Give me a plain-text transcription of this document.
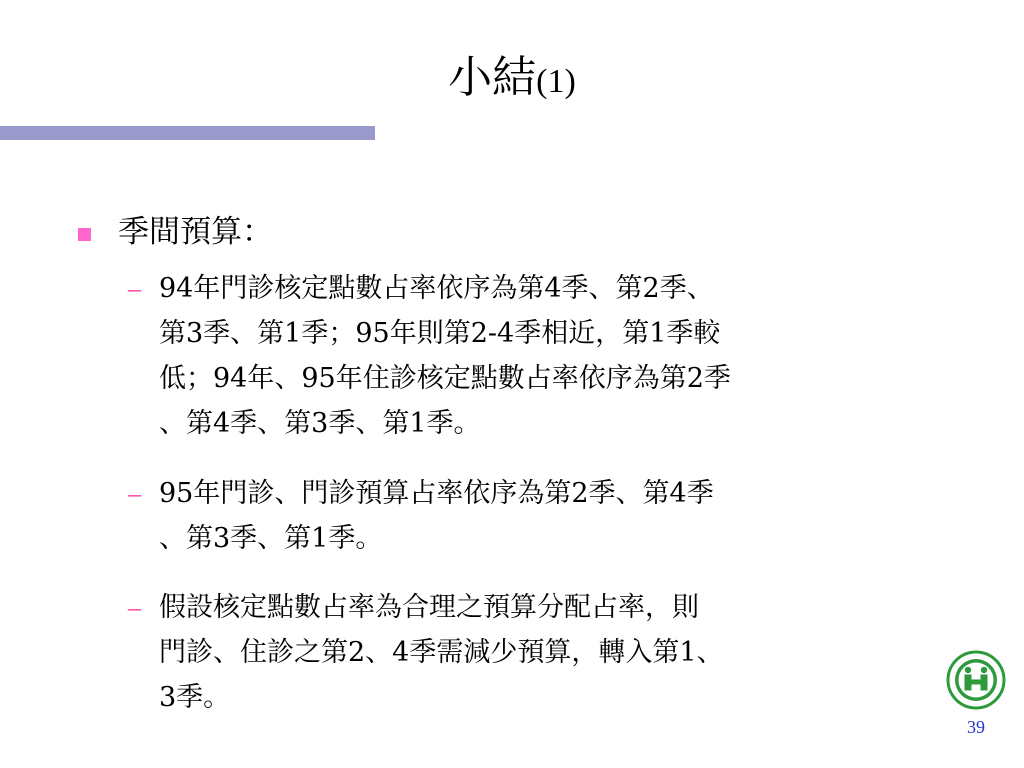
小結(1)
季間預算：
– 94年門診核定點數占率依序為第4季、第2季、
第3季、第1季；95年則第2-4季相近，第1季較
低；94年、95年住診核定點數占率依序為第2季
、第4季、第3季、第1季。
– 95年門診、門診預算占率依序為第2季、第4季
、第3季、第1季。
– 假設核定點數占率為合理之預算分配占率，則
門診、住診之第2、4季需減少預算，轉入第1、
3季。
39
